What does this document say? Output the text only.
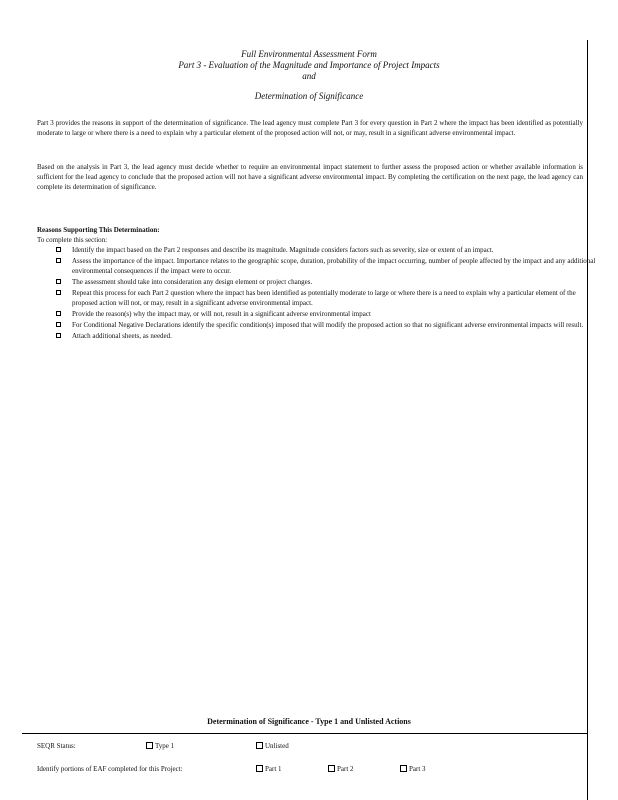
Full Environmental Assessment Form
Part 3 - Evaluation of the Magnitude and Importance of Project Impacts
and
Determination of Significance
Part 3 provides the reasons in support of the determination of significance. The lead agency must complete Part 3 for every question in Part 2 where the impact has been identified as potentially moderate to large or where there is a need to explain why a particular element of the proposed action will not, or may, result in a significant adverse environmental impact.
Based on the analysis in Part 3, the lead agency must decide whether to require an environmental impact statement to further assess the proposed action or whether available information is sufficient for the lead agency to conclude that the proposed action will not have a significant adverse environmental impact. By completing the certification on the next page, the lead agency can complete its determination of significance.
Reasons Supporting This Determination:
To complete this section:
Identify the impact based on the Part 2 responses and describe its magnitude. Magnitude considers factors such as severity, size or extent of an impact.
Assess the importance of the impact. Importance relates to the geographic scope, duration, probability of the impact occurring, number of people affected by the impact and any additional environmental consequences if the impact were to occur.
The assessment should take into consideration any design element or project changes.
Repeat this process for each Part 2 question where the impact has been identified as potentially moderate to large or where there is a need to explain why a particular element of the proposed action will not, or may, result in a significant adverse environmental impact.
Provide the reason(s) why the impact may, or will not, result in a significant adverse environmental impact
For Conditional Negative Declarations identify the specific condition(s) imposed that will modify the proposed action so that no significant adverse environmental impacts will result.
Attach additional sheets, as needed.
Determination of Significance - Type 1 and Unlisted Actions
SEQR Status:	Type 1	Unlisted
Identify portions of EAF completed for this Project:	Part 1	Part 2	Part 3
